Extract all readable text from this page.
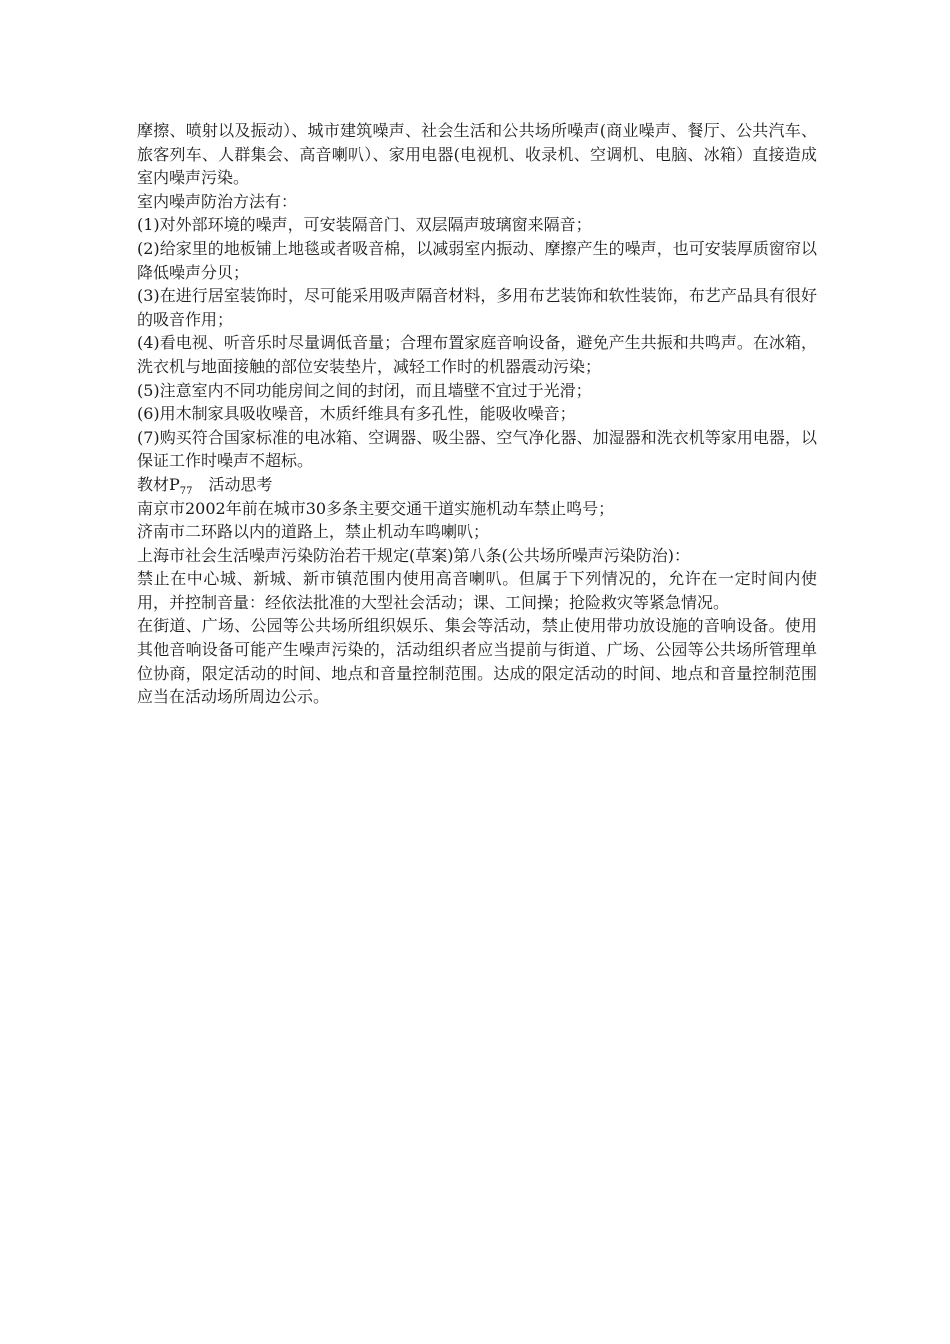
摩擦、喷射以及振动）、城市建筑噪声、社会生活和公共场所噪声(商业噪声、餐厅、公共汽车、旅客列车、人群集会、高音喇叭）、家用电器(电视机、收录机、空调机、电脑、冰箱）直接造成室内噪声污染。

室内噪声防治方法有：

(1)对外部环境的噪声，可安装隔音门、双层隔声玻璃窗来隔音；

(2)给家里的地板铺上地毯或者吸音棉，以减弱室内振动、摩擦产生的噪声，也可安装厚质窗帘以降低噪声分贝；

(3)在进行居室装饰时，尽可能采用吸声隔音材料，多用布艺装饰和软性装饰，布艺产品具有很好的吸音作用；

(4)看电视、听音乐时尽量调低音量；合理布置家庭音响设备，避免产生共振和共鸣声。在冰箱，洗衣机与地面接触的部位安装垫片，减轻工作时的机器震动污染；

(5)注意室内不同功能房间之间的封闭，而且墙壁不宜过于光滑；

(6)用木制家具吸收噪音，木质纤维具有多孔性，能吸收噪音；

(7)购买符合国家标准的电冰箱、空调器、吸尘器、空气净化器、加湿器和洗衣机等家用电器，以保证工作时噪声不超标。

教材$P_{77}$ 活动思考

南京市2002年前在城市30多条主要交通干道实施机动车禁止鸣号；

济南市二环路以内的道路上，禁止机动车鸣喇叭；

上海市社会生活噪声污染防治若干规定(草案)第八条(公共场所噪声污染防治)：

禁止在中心城、新城、新市镇范围内使用高音喇叭。但属于下列情况的，允许在一定时间内使用，并控制音量：经依法批准的大型社会活动；课、工间操；抢险救灾等紧急情况。

在街道、广场、公园等公共场所组织娱乐、集会等活动，禁止使用带功放设施的音响设备。使用其他音响设备可能产生噪声污染的，活动组织者应当提前与街道、广场、公园等公共场所管理单位协商，限定活动的时间、地点和音量控制范围。达成的限定活动的时间、地点和音量控制范围应当在活动场所周边公示。
